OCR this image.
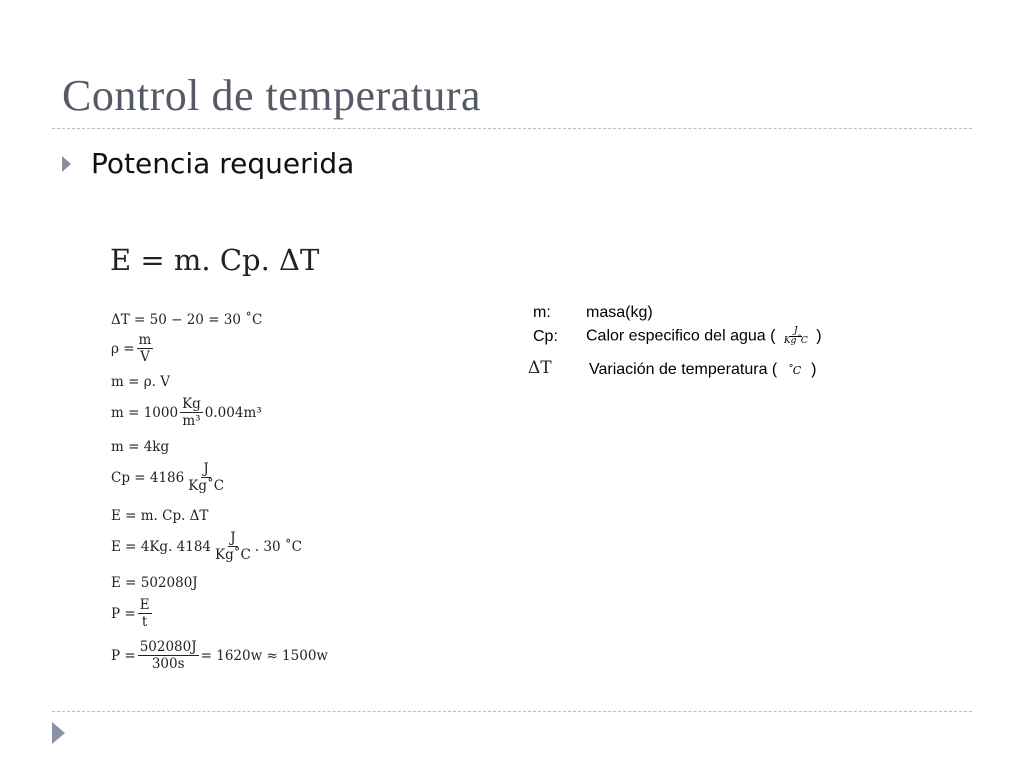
Control de temperatura
Potencia requerida
E = m. Cp. ΔT
ΔT = 50 − 20 = 30 ˚C
$\rho = \frac{m}{V}$
m = ρ. V
$m = 1000 \frac{Kg}{\text{m³}} 0.004m^3$
m = 4kg
$Cp = 4186 \frac{J}{Kg˚C}$
E = m. Cp. ΔT
E = 4Kg. $4184 \frac{J}{Kg˚C}$ . 30 ˚C
E = 502080J
$P = \frac{E}{t}$
$P = \frac{502080J}{300s} = 1620w \approx 1500w$
m: masa(kg)
Cp: Calor especifico del agua ( $\frac{J}{Kg˚C}$ )
ΔT Variación de temperatura ( ˚C )
